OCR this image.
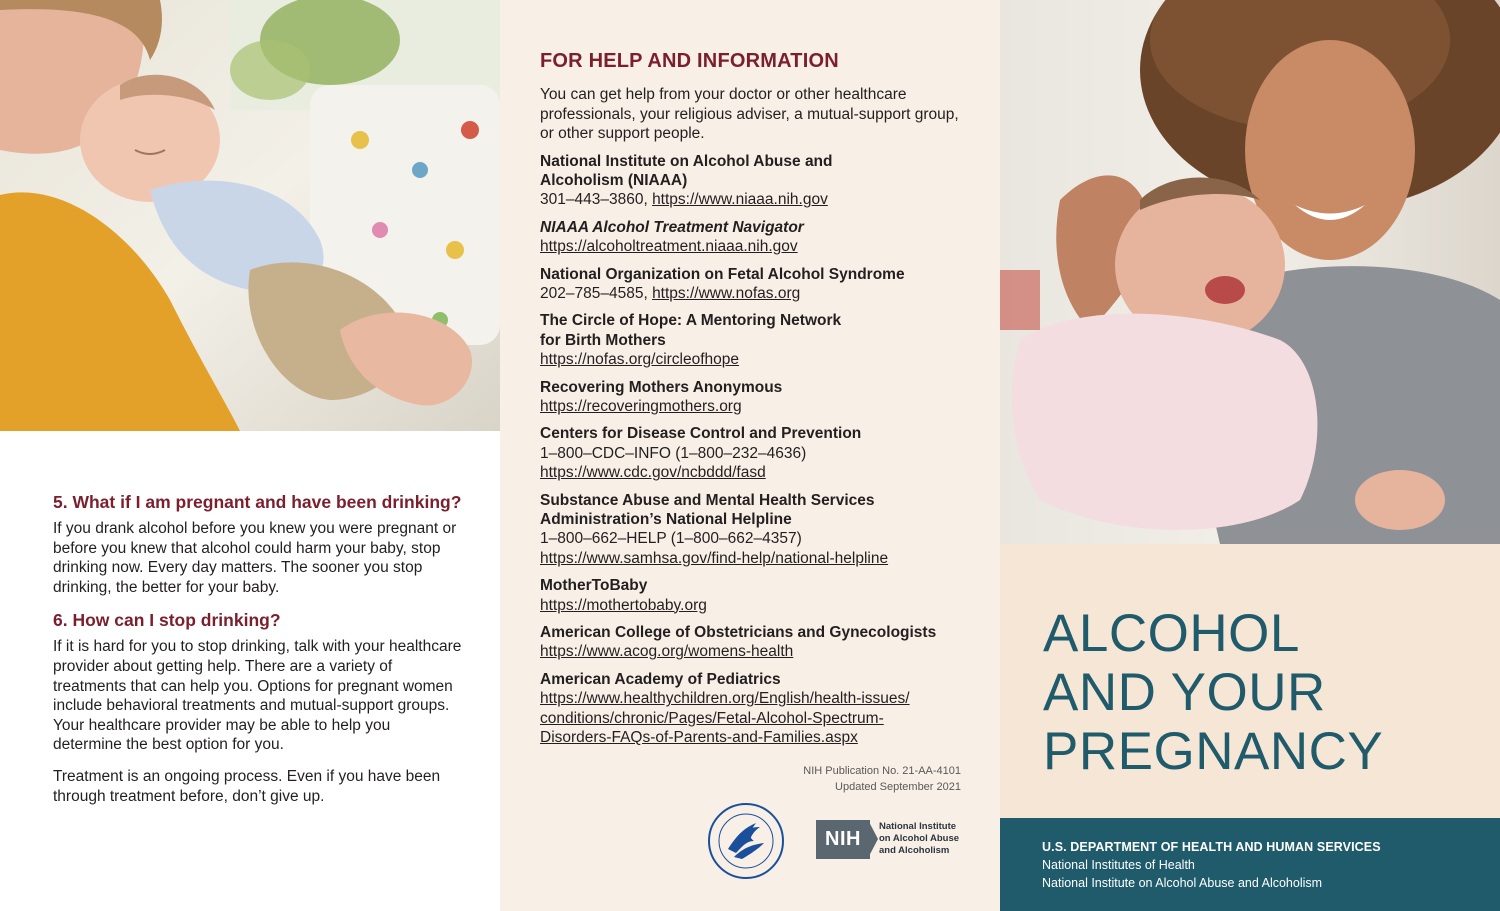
5. What if I am pregnant and have been drinking?

If you drank alcohol before you knew you were pregnant or before you knew that alcohol could harm your baby, stop drinking now. Every day matters. The sooner you stop drinking, the better for your baby.

6. How can I stop drinking?

If it is hard for you to stop drinking, talk with your healthcare provider about getting help. There are a variety of treatments that can help you. Options for pregnant women include behavioral treatments and mutual-support groups. Your healthcare provider may be able to help you determine the best option for you.

Treatment is an ongoing process. Even if you have been through treatment before, don’t give up.

FOR HELP AND INFORMATION

You can get help from your doctor or other healthcare professionals, your religious adviser, a mutual-support group, or other support people.

National Institute on Alcohol Abuse and
Alcoholism (NIAAA)
301–443–3860, https://www.niaaa.nih.gov
NIAAA Alcohol Treatment Navigator
https://alcoholtreatment.niaaa.nih.gov
National Organization on Fetal Alcohol Syndrome
202–785–4585, https://www.nofas.org
The Circle of Hope: A Mentoring Network
for Birth Mothers
https://nofas.org/circleofhope
Recovering Mothers Anonymous
https://recoveringmothers.org
Centers for Disease Control and Prevention
1–800–CDC–INFO (1–800–232–4636)
https://www.cdc.gov/ncbddd/fasd
Substance Abuse and Mental Health Services
Administration’s National Helpline
1–800–662–HELP (1–800–662–4357)
https://www.samhsa.gov/find-help/national-helpline
MotherToBaby
https://mothertobaby.org
American College of Obstetricians and Gynecologists
https://www.acog.org/womens-health
American Academy of Pediatrics
https://www.healthychildren.org/English/health-issues/
conditions/chronic/Pages/Fetal-Alcohol-Spectrum-
Disorders-FAQs-of-Parents-and-Families.aspx
NIH Publication No. 21-AA-4101
Updated September 2021
NIH
National Institute
on Alcohol Abuse
and Alcoholism
ALCOHOL
AND YOUR
PREGNANCY
U.S. DEPARTMENT OF HEALTH AND HUMAN SERVICES
National Institutes of Health
National Institute on Alcohol Abuse and Alcoholism
